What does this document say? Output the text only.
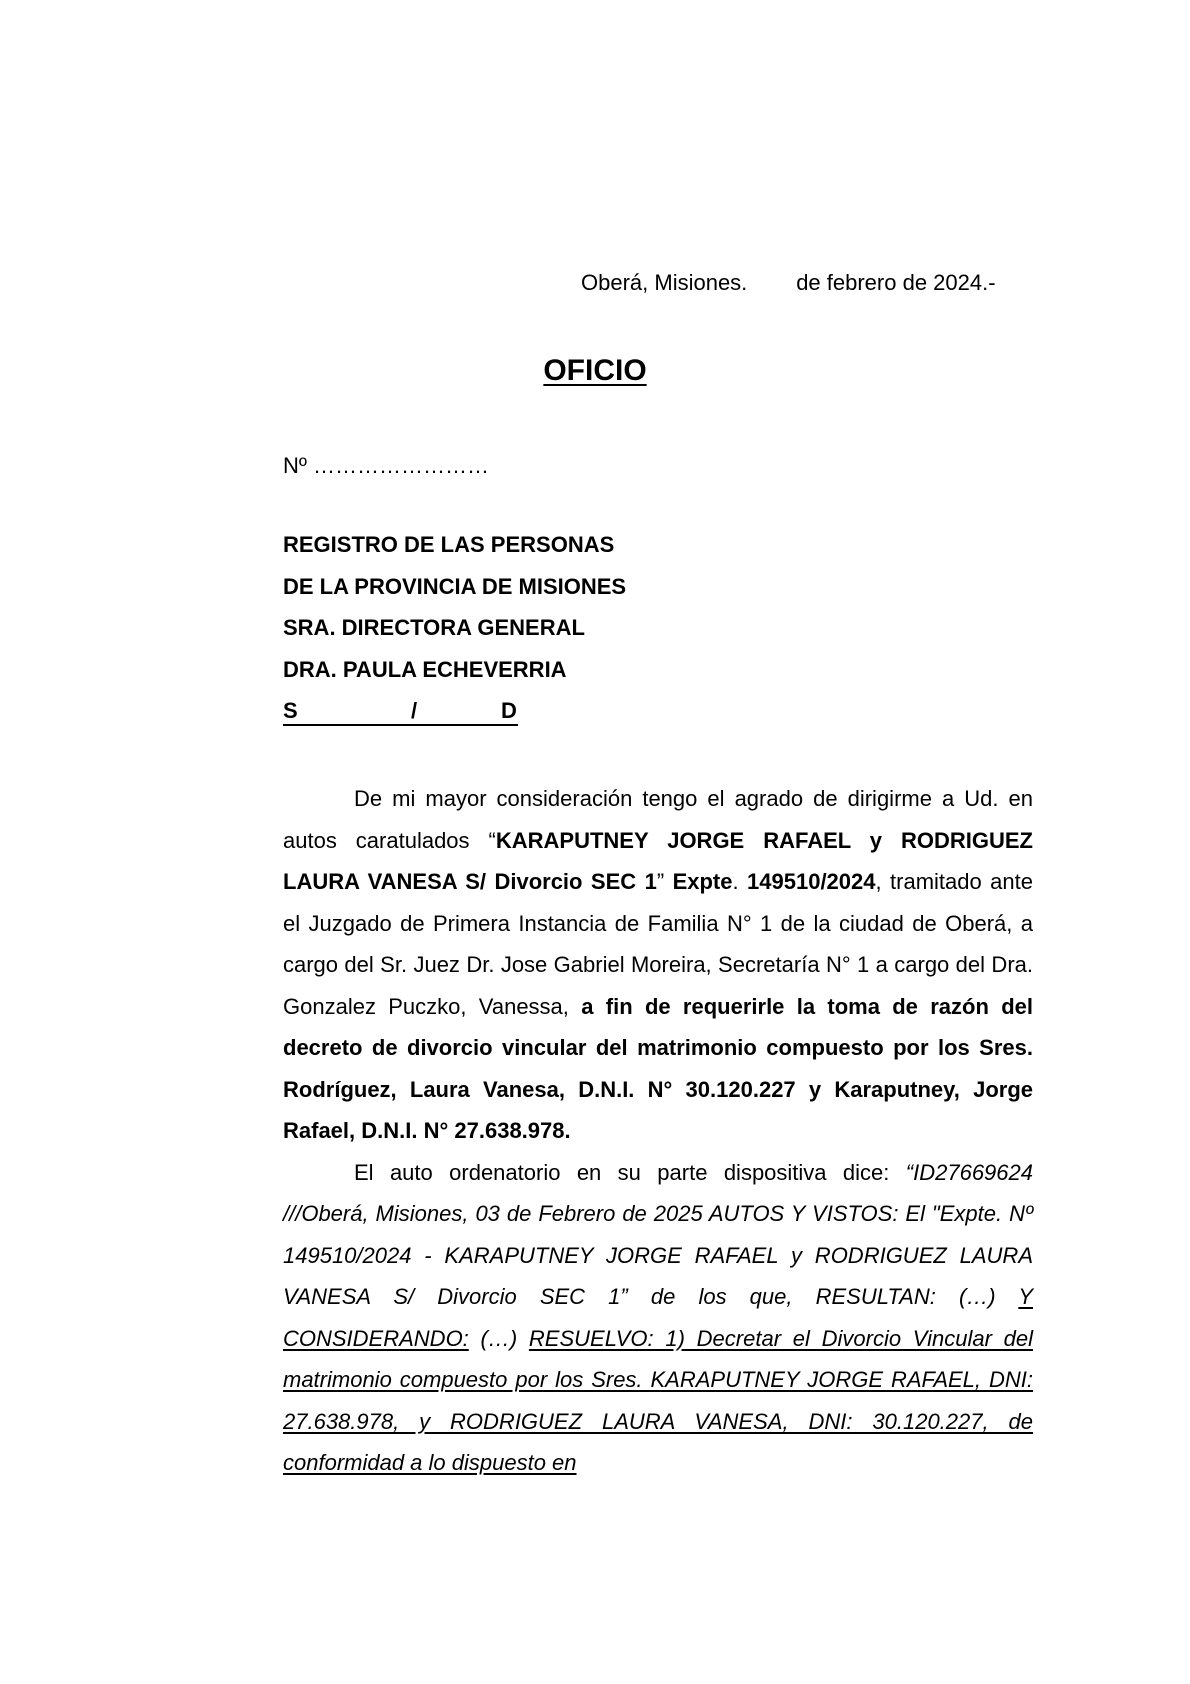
Oberá, Misiones.        de febrero de 2024.-
OFICIO
Nº ……………………
REGISTRO DE LAS PERSONAS
DE LA PROVINCIA DE MISIONES
SRA. DIRECTORA GENERAL
DRA. PAULA ECHEVERRIA
S	/	D

De mi mayor consideración tengo el agrado de dirigirme a Ud. en autos caratulados “KARAPUTNEY JORGE RAFAEL y RODRIGUEZ LAURA VANESA S/ Divorcio SEC 1” Expte. 149510/2024, tramitado ante el Juzgado de Primera Instancia de Familia N° 1 de la ciudad de Oberá, a cargo del Sr. Juez Dr. Jose Gabriel Moreira, Secretaría N° 1 a cargo del Dra. Gonzalez Puczko, Vanessa, a fin de requerirle la toma de razón del decreto de divorcio vincular del matrimonio compuesto por los Sres. Rodríguez, Laura Vanesa, D.N.I. N° 30.120.227 y Karaputney, Jorge Rafael, D.N.I. N° 27.638.978.

El auto ordenatorio en su parte dispositiva dice: “ID27669624 ///Oberá, Misiones, 03 de Febrero de 2025 AUTOS Y VISTOS: El "Expte. Nº 149510/2024 - KARAPUTNEY JORGE RAFAEL y RODRIGUEZ LAURA VANESA S/ Divorcio SEC 1” de los que, RESULTAN: (…) Y CONSIDERANDO: (…) RESUELVO: 1) Decretar el Divorcio Vincular del matrimonio compuesto por los Sres. KARAPUTNEY JORGE RAFAEL, DNI: 27.638.978, y RODRIGUEZ LAURA VANESA, DNI: 30.120.227, de conformidad a lo dispuesto en
